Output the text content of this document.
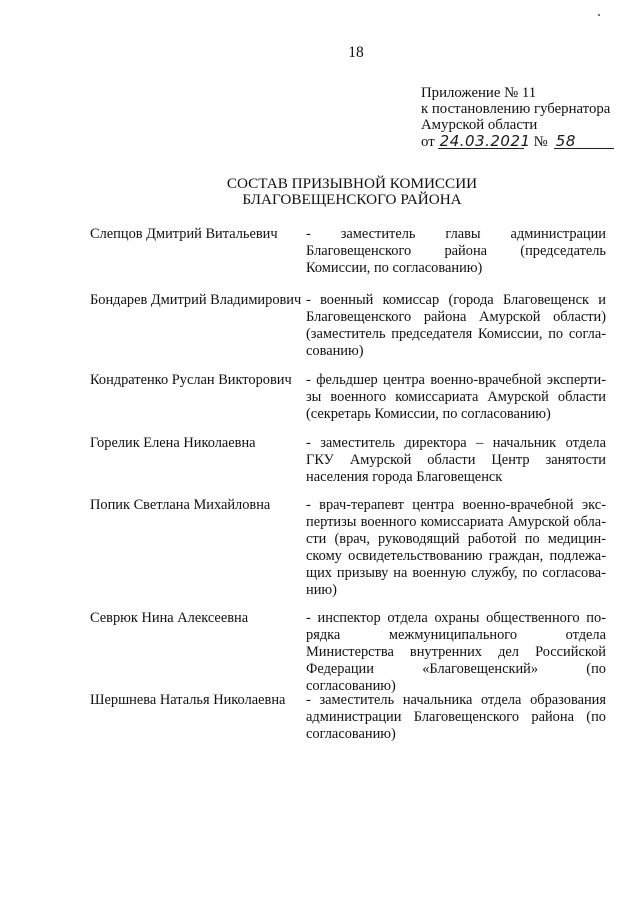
18
Приложение № 11
к постановлению губернатора
Амурской области
от 24.03.2021 № 58
СОСТАВ ПРИЗЫВНОЙ КОМИССИИ
БЛАГОВЕЩЕНСКОГО РАЙОНА
Слепцов Дмитрий Витальевич	- заместитель главы администрации Благовещенского района (председатель Комиссии, по согласованию)
Бондарев Дмитрий Владимирович - военный комиссар (города Благовещенск и Благовещенского района Амурской области) (заместитель председателя Комиссии, по согласованию)
Кондратенко Руслан Викторович - фельдшер центра военно-врачебной экспертизы военного комиссариата Амурской области (секретарь Комиссии, по согласованию)
Горелик Елена Николаевна	- заместитель директора – начальник отдела ГКУ Амурской области Центр занятости населения города Благовещенск
Попик Светлана Михайловна	- врач-терапевт центра военно-врачебной экспертизы военного комиссариата Амурской области (врач, руководящий работой по медицинскому освидетельствованию граждан, подлежащих призыву на военную службу, по согласованию)
Севрюк Нина Алексеевна	- инспектор отдела охраны общественного порядка межмуниципального отдела Министерства внутренних дел Российской Федерации «Благовещенский» (по согласованию)
Шершнева Наталья Николаевна	- заместитель начальника отдела образования администрации Благовещенского района (по согласованию)
